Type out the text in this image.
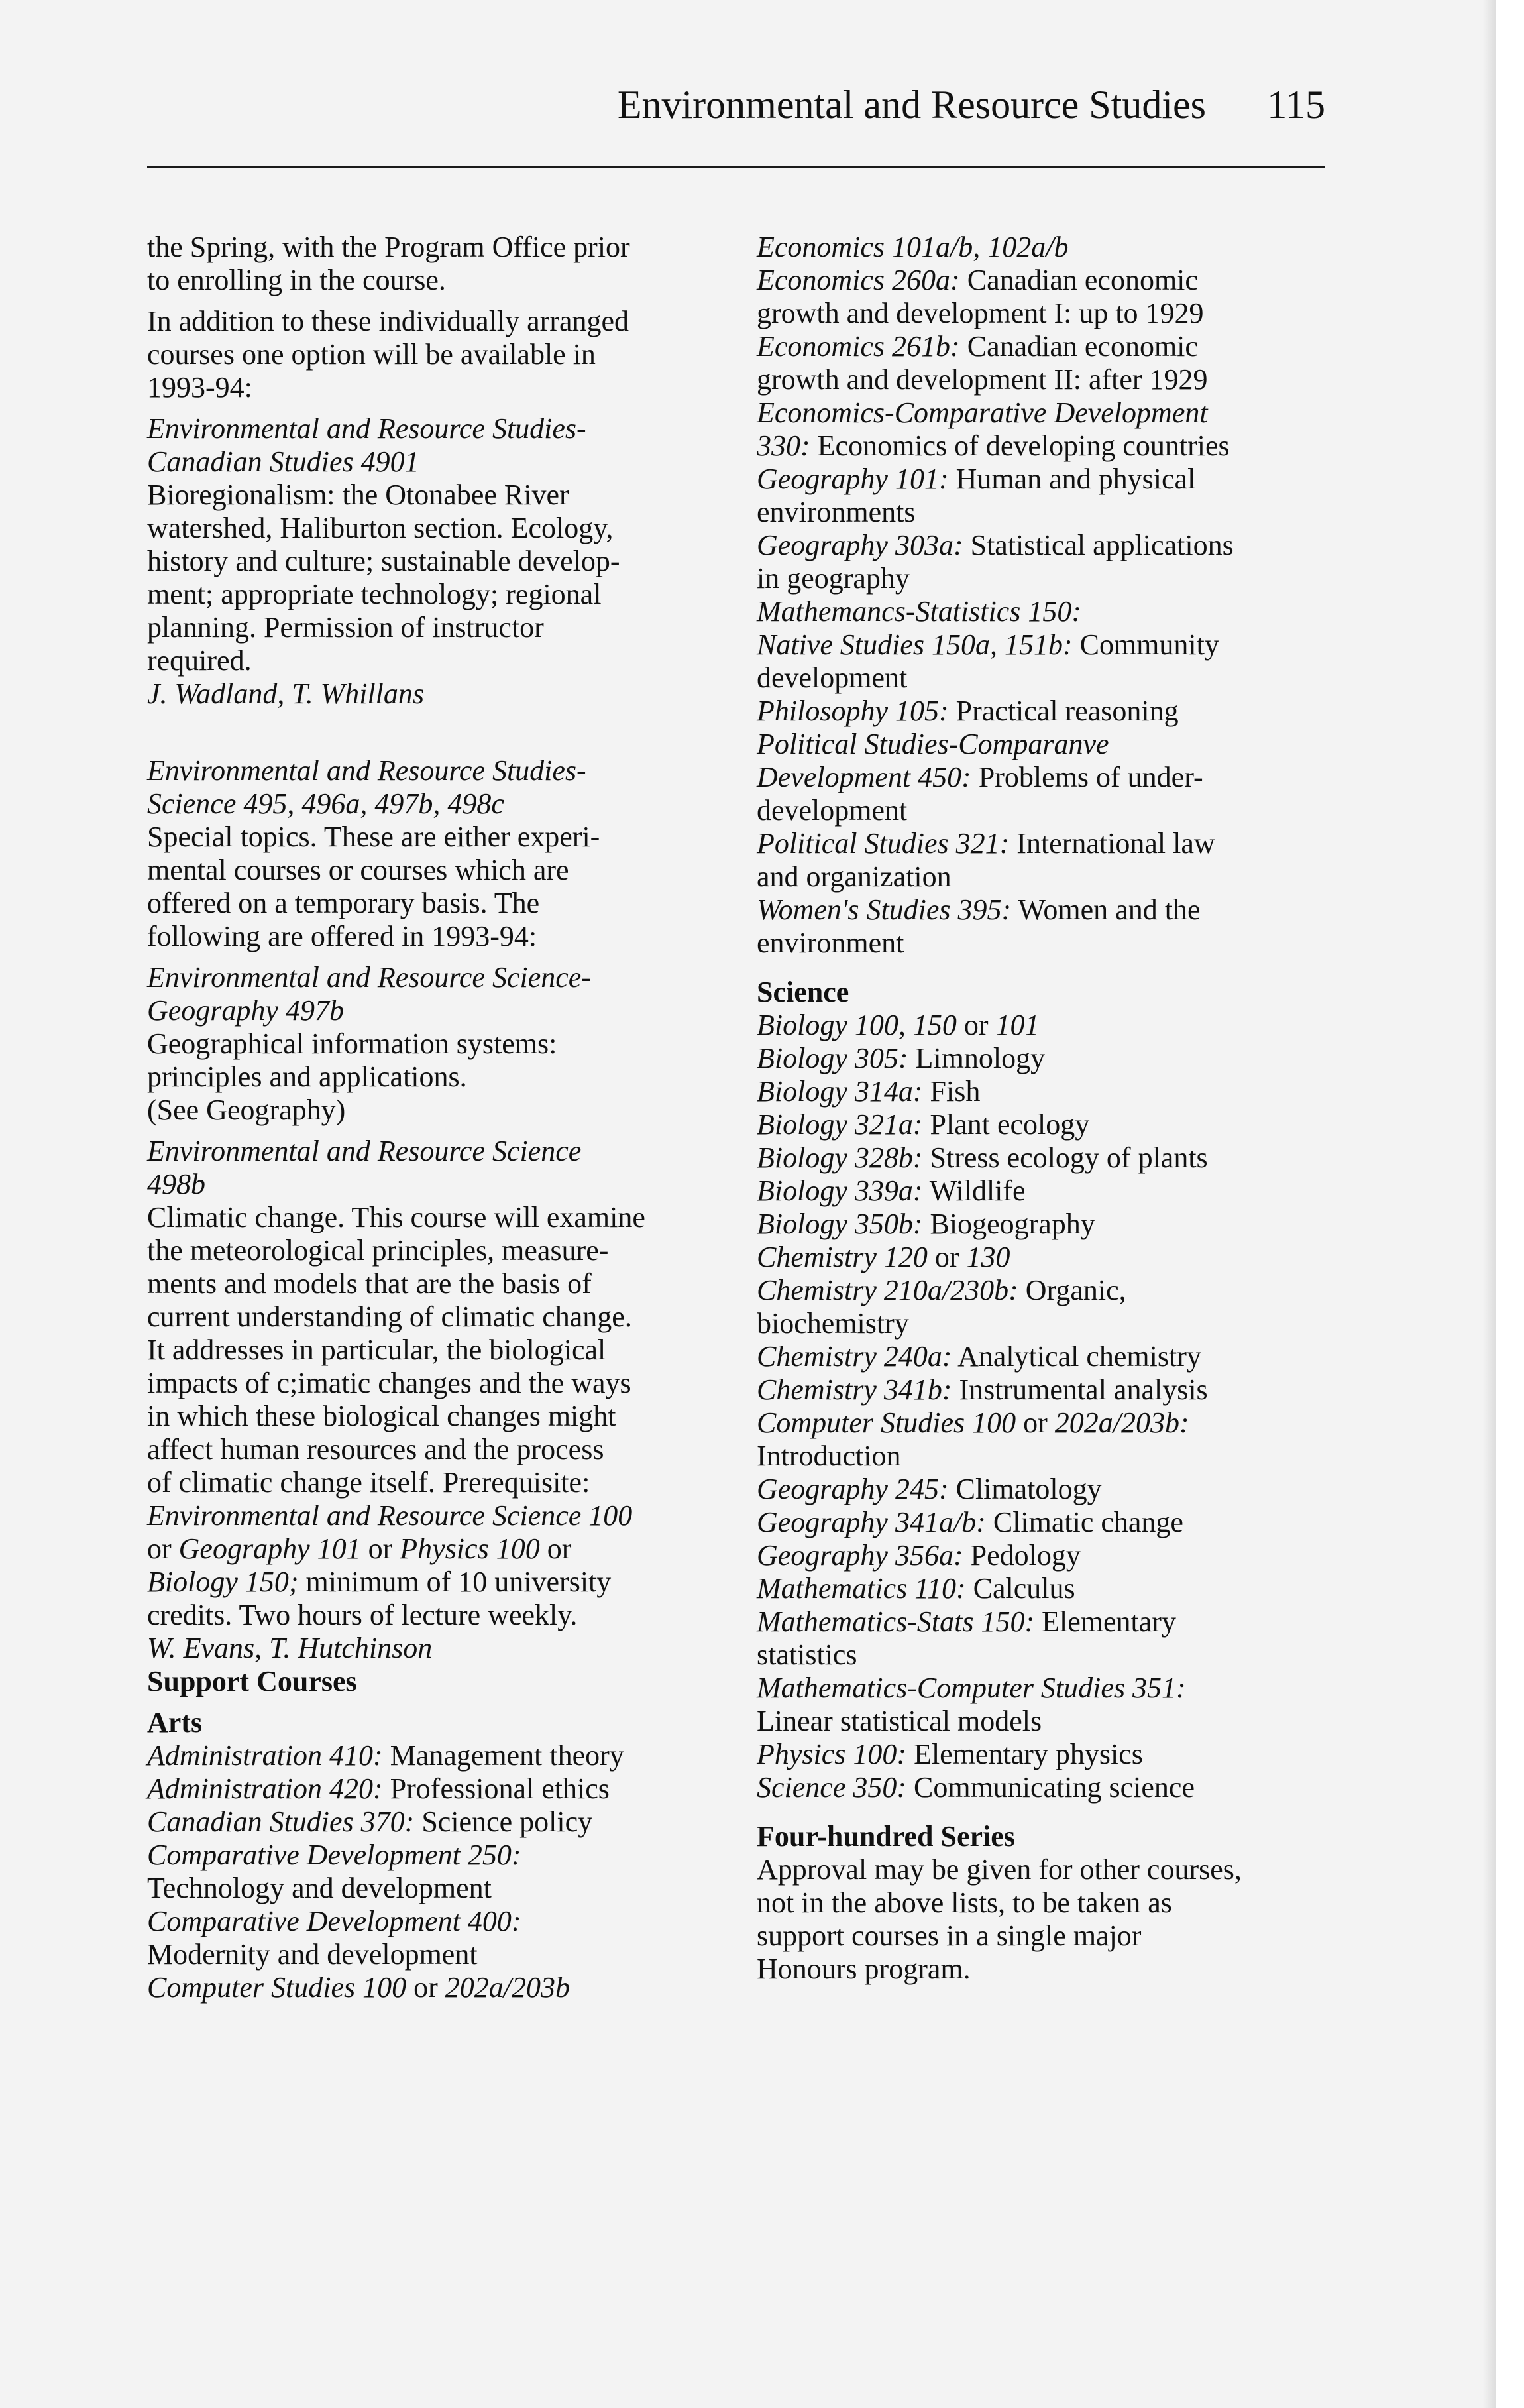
Environmental and Resource Studies	115
the Spring, with the Program Office prior
to enrolling in the course.
In addition to these individually arranged
courses one option will be available in
1993-94:
Environmental and Resource Studies-
Canadian Studies 4901
Bioregionalism: the Otonabee River
watershed, Haliburton section. Ecology,
history and culture; sustainable develop-
ment; appropriate technology; regional
planning. Permission of instructor
required.
J. Wadland, T. Whillans
Environmental and Resource Studies-
Science 495, 496a, 497b, 498c
Special topics. These are either experi-
mental courses or courses which are
offered on a temporary basis. The
following are offered in 1993-94:
Environmental and Resource Science-
Geography 497b
Geographical information systems:
principles and applications.
(See Geography)
Environmental and Resource Science
498b
Climatic change. This course will examine
the meteorological principles, measure-
ments and models that are the basis of
current understanding of climatic change.
It addresses in particular, the biological
impacts of c;imatic changes and the ways
in which these biological changes might
affect human resources and the process
of climatic change itself. Prerequisite:
Environmental and Resource Science 100
or Geography 101 or Physics 100 or
Biology 150; minimum of 10 university
credits. Two hours of lecture weekly.
W. Evans, T. Hutchinson
Support Courses
Arts
Administration 410: Management theory
Administration 420: Professional ethics
Canadian Studies 370: Science policy
Comparative Development 250:
Technology and development
Comparative Development 400:
Modernity and development
Computer Studies 100 or 202a/203b
Economics 101a/b, 102a/b
Economics 260a: Canadian economic
growth and development I: up to 1929
Economics 261b: Canadian economic
growth and development II: after 1929
Economics-Comparative Development
330: Economics of developing countries
Geography 101: Human and physical
environments
Geography 303a: Statistical applications
in geography
Mathemancs-Statistics 150:
Native Studies 150a, 151b: Community
development
Philosophy 105: Practical reasoning
Political Studies-Comparanve
Development 450: Problems of under-
development
Political Studies 321: International law
and organization
Women's Studies 395: Women and the
environment
Science
Biology 100, 150 or 101
Biology 305: Limnology
Biology 314a: Fish
Biology 321a: Plant ecology
Biology 328b: Stress ecology of plants
Biology 339a: Wildlife
Biology 350b: Biogeography
Chemistry 120 or 130
Chemistry 210a/230b: Organic,
biochemistry
Chemistry 240a: Analytical chemistry
Chemistry 341b: Instrumental analysis
Computer Studies 100 or 202a/203b:
Introduction
Geography 245: Climatology
Geography 341a/b: Climatic change
Geography 356a: Pedology
Mathematics 110: Calculus
Mathematics-Stats 150: Elementary
statistics
Mathematics-Computer Studies 351:
Linear statistical models
Physics 100: Elementary physics
Science 350: Communicating science
Four-hundred Series
Approval may be given for other courses,
not in the above lists, to be taken as
support courses in a single major
Honours program.
